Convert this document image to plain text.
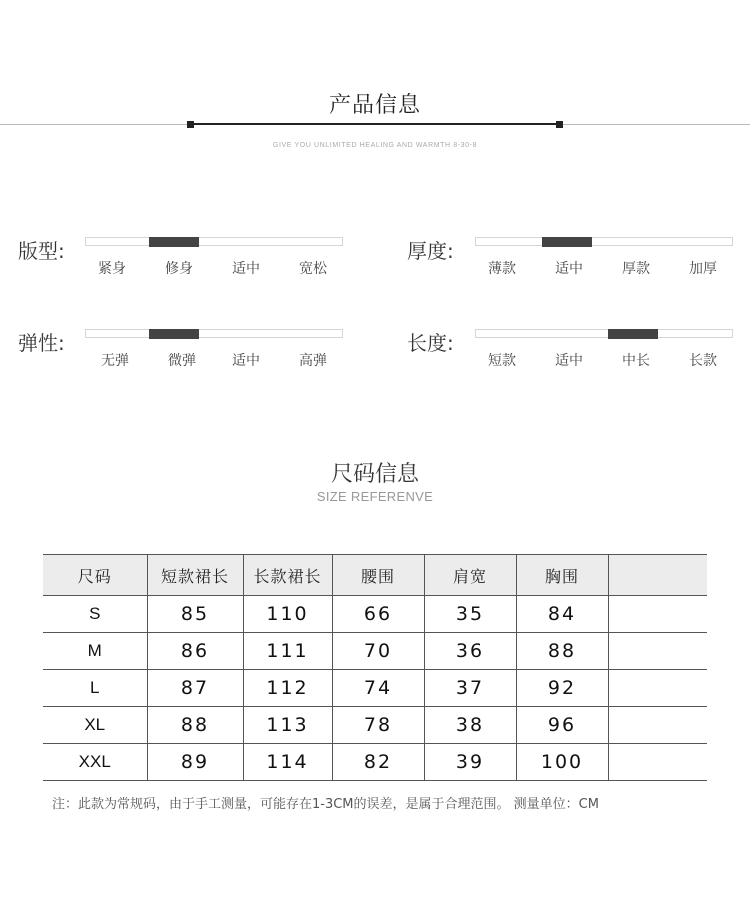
产品信息
GIVE YOU UNLIMITED HEALING AND WARMTH 8-30-8
版型:
紧身	修身	适中	宽松
厚度:
薄款	适中	厚款	加厚
弹性:
无弹	微弹	适中	高弹
长度:
短款	适中	中长	长款
尺码信息
SIZE REFERENVE
尺码	短款裙长	长款裙长	腰围	肩宽	胸围	
S	85	110	66	35	84	
M	86	111	70	36	88	
L	87	112	74	37	92	
XL	88	113	78	38	96	
XXL	89	114	82	39	100	
注：此款为常规码，由于手工测量，可能存在1-3CM的误差，是属于合理范围。 测量单位：CM
